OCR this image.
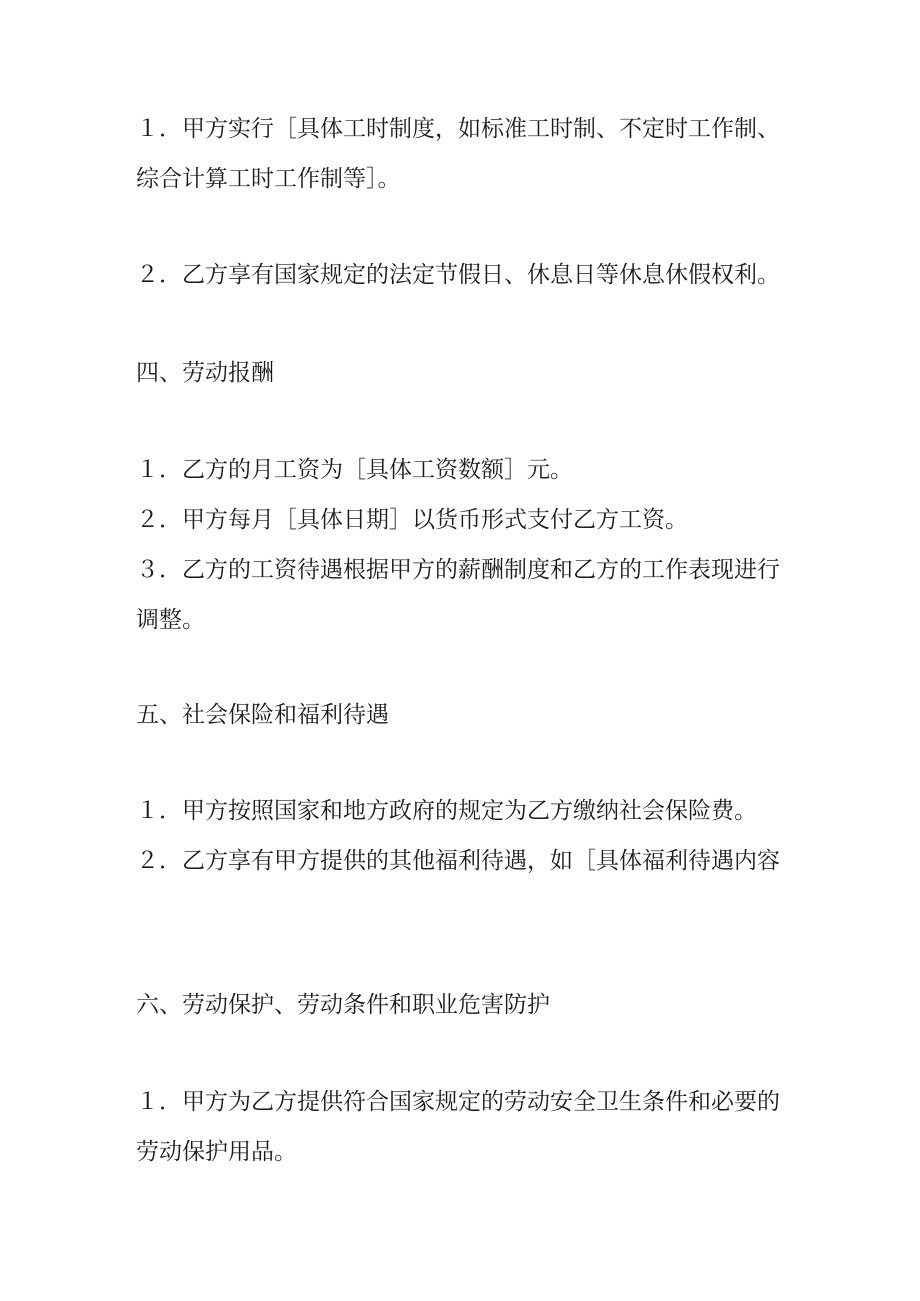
１．甲方实行［具体工时制度，如标准工时制、不定时工作制、综合计算工时工作制等］。
２．乙方享有国家规定的法定节假日、休息日等休息休假权利。
四、劳动报酬
１．乙方的月工资为［具体工资数额］元。
２．甲方每月［具体日期］以货币形式支付乙方工资。
３．乙方的工资待遇根据甲方的薪酬制度和乙方的工作表现进行调整。
五、社会保险和福利待遇
１．甲方按照国家和地方政府的规定为乙方缴纳社会保险费。
２．乙方享有甲方提供的其他福利待遇，如［具体福利待遇内容
六、劳动保护、劳动条件和职业危害防护
１．甲方为乙方提供符合国家规定的劳动安全卫生条件和必要的劳动保护用品。
